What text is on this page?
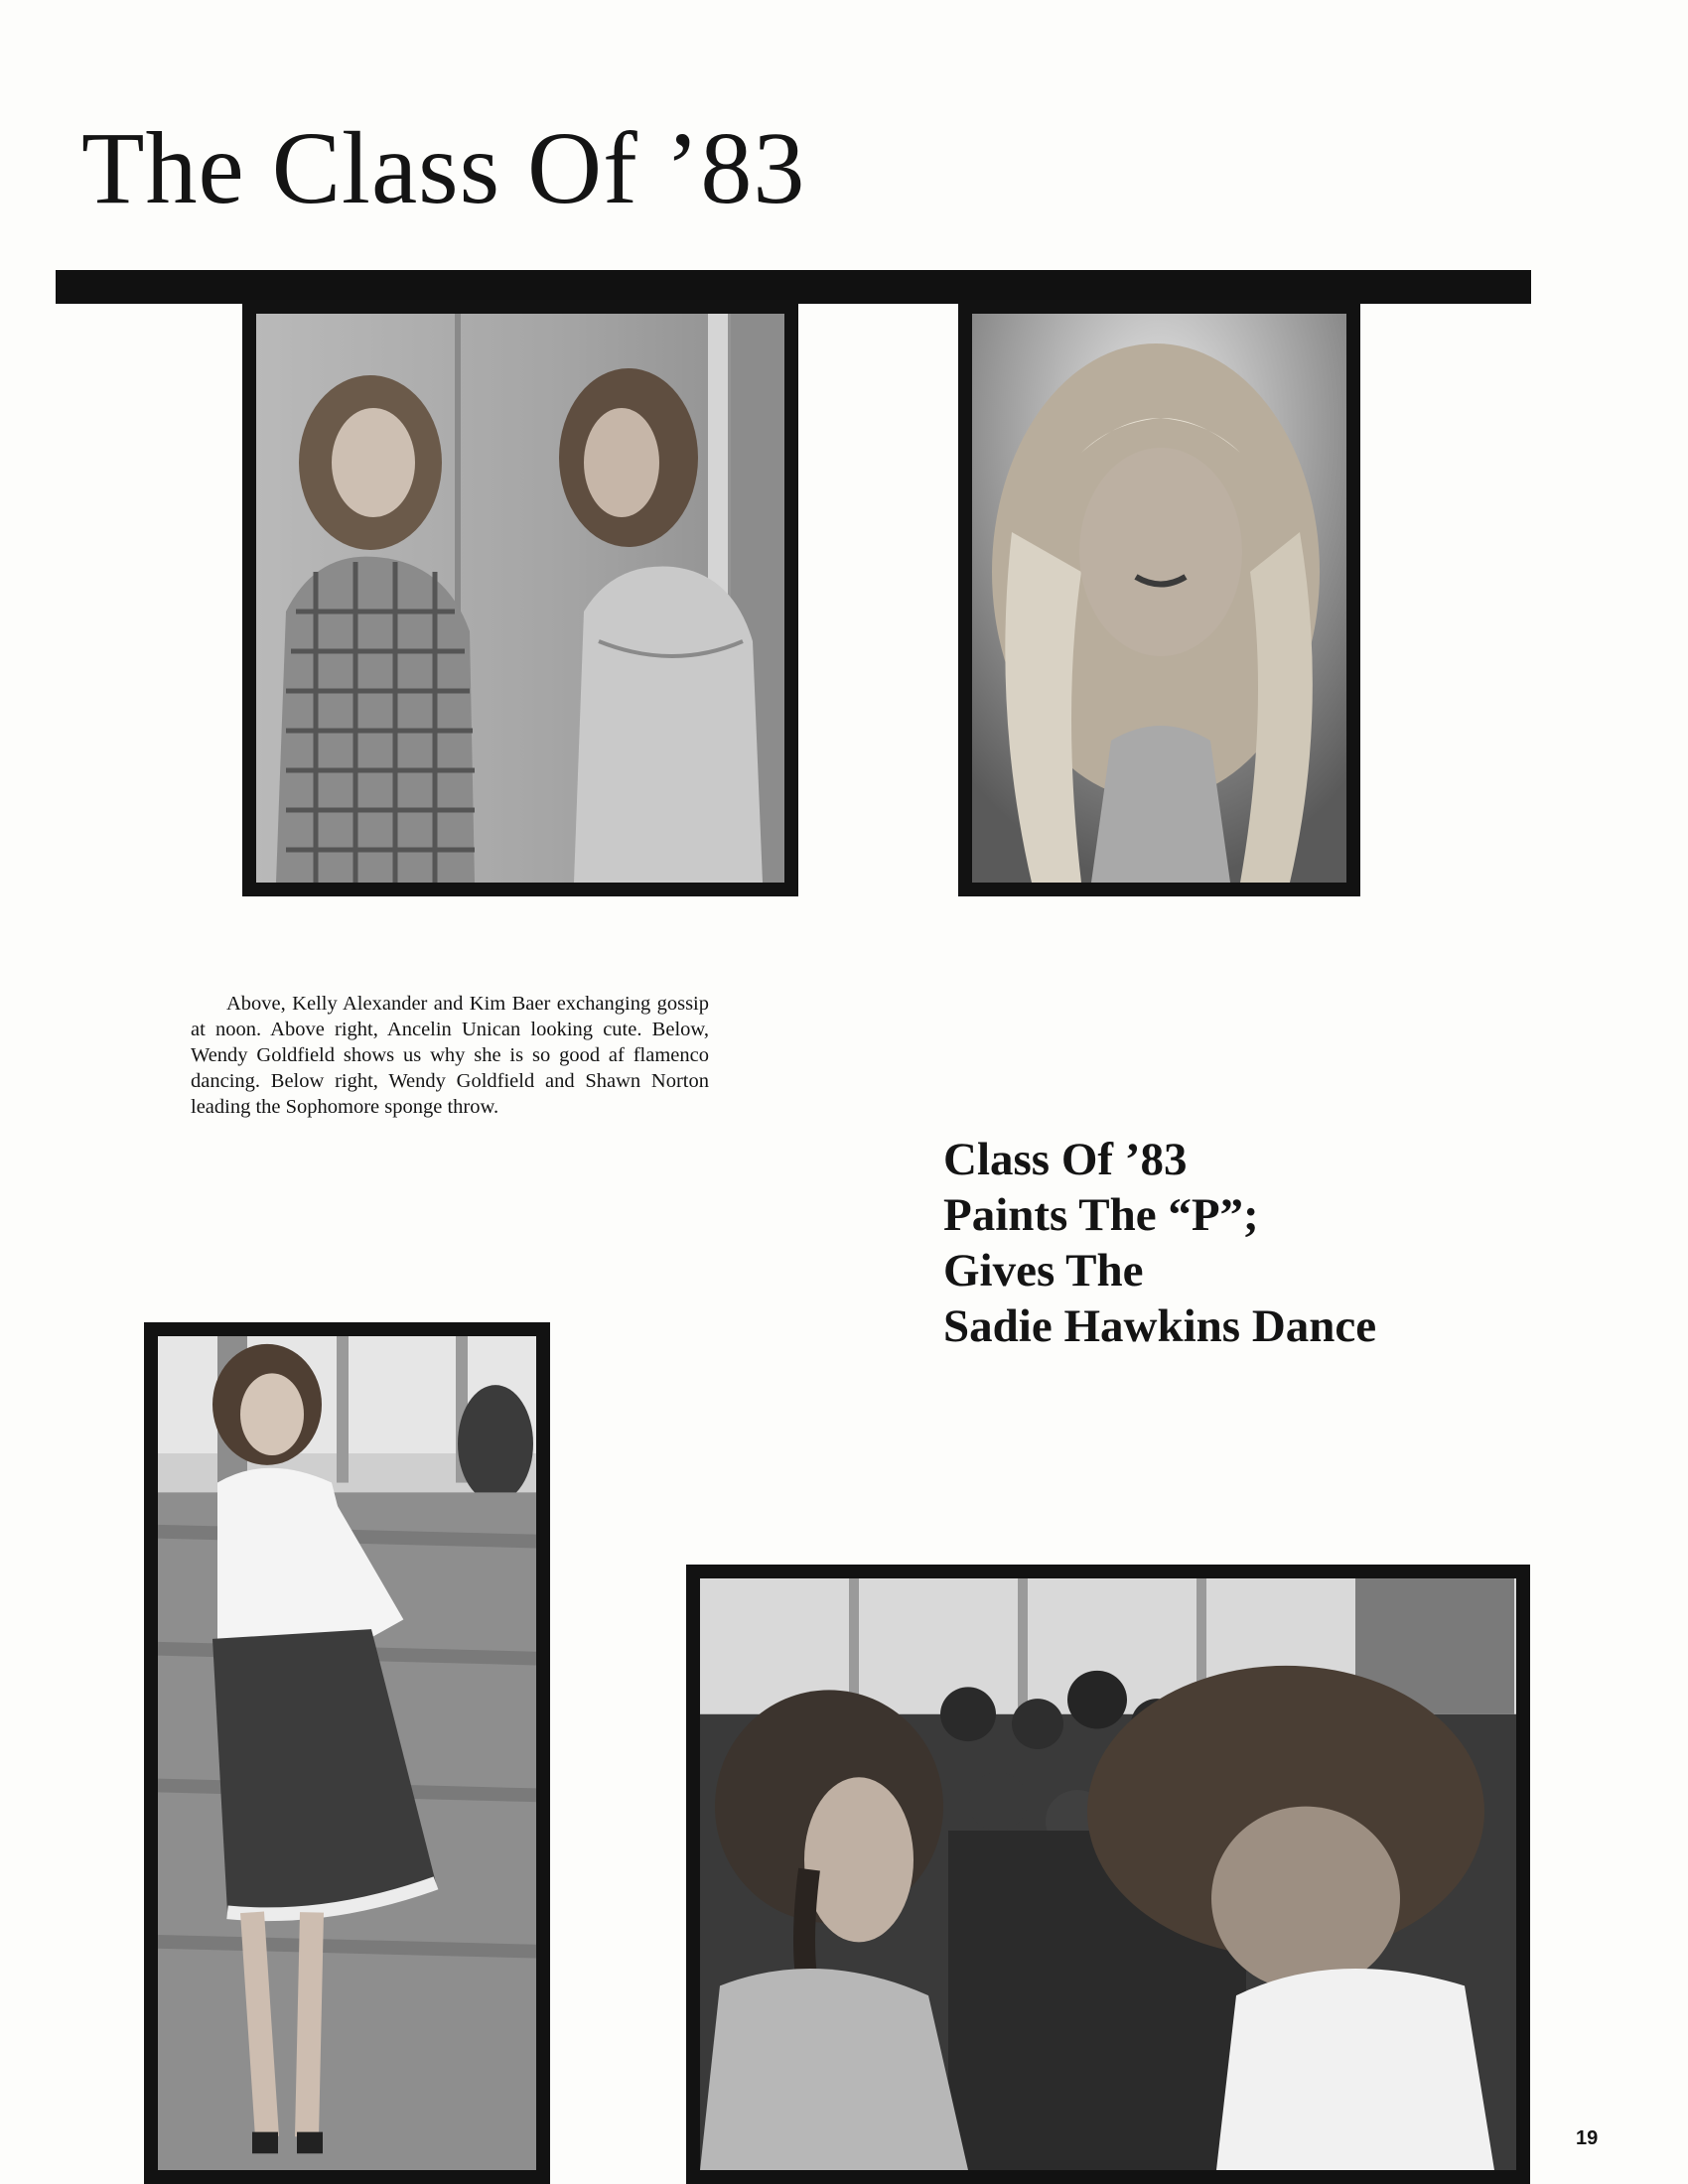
The Class Of ’83

Above, Kelly Alexander and Kim Baer exchanging gossip at noon. Above right, Ancelin Unican looking cute. Below, Wendy Goldfield shows us why she is so good af flamenco dancing. Below right, Wendy Goldfield and Shawn Norton leading the Sophomore sponge throw.

Class Of ’83
Paints The “P”;
Gives The
Sadie Hawkins Dance
19
